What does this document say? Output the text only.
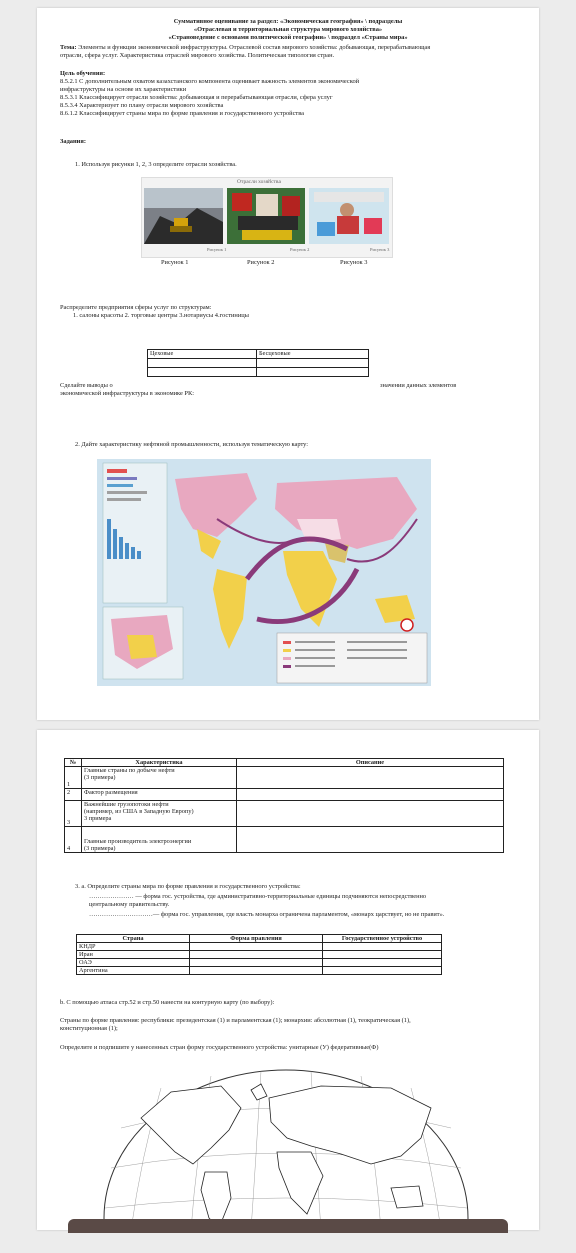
Суммативное оценивание за раздел: «Экономическая география» \ подразделы
«Отраслевая и территориальная структура мирового хозяйства»
«Страноведение с основами политической географии» \ подраздел «Страны мира»
Тема: Элементы и функции экономической инфраструктуры. Отраслевой состав мирового хозяйства: добывающая, перерабатывающая
отрасли, сфера услуг. Характеристика отраслей мирового хозяйства. Политическая типология стран.
Цель обучения:
8.5.2.1 С дополнительным охватом казахстанского компонента оценивает важность элементов экономической
инфраструктуры на основе их характеристики
8.5.3.1 Классифицирует отрасли хозяйства: добывающая и перерабатывающая отрасли, сфера услуг
8.5.3.4 Характеризует по плану отрасли мирового хозяйства
8.6.1.2 Классифицирует страны мира по форме правления и государственного устройства
Задания:
1. Используя рисунки 1, 2, 3 определите отрасли хозяйства.
Отрасли хозяйства
Рисунок 1	Рисунок 2	Рисунок 3
Рисунок 1	Рисунок 2	Рисунок 3
Распределите предприятия сферы услуг по структурам:
1. салоны красоты 2. торговые центры 3.нотариусы 4.гостиницы
Цеховые	Бесцеховые

Сделайте выводы о	значении данных элементов
экономической инфраструктуры в экономике РК:
2. Дайте характеристику нефтяной промышленности, используя тематическую карту:
№	Характеристика	Описание
1	Главные страны по добыче нефти
(3 примера)	
2	Фактор размещения	
3	Важнейшие грузопотоки нефти
(например, из США в Западную Европу)
3 примера	
4	Главные производитель электроэнергии
(3 примера)	
3. а. Определите страны мира по форме правления и государственного устройства:
………………… — форма гос. устройства, где административно-территориальные единицы подчиняются непосредственно
центральному правительству.
…………………………— форма гос. управления, где власть монарха ограничена парламентом, «монарх царствует, но не правит».
Страна	Форма правления	Государственное устройство
КНДР		
Иран		
ОАЭ		
Аргентина		
b. С помощью атласа стр.52 и стр.50 нанести на контурную карту (по выбору):
Страны по форме правления: республики: президентская (1) и парламентская (1); монархии: абсолютная (1), теократическая (1),
конституционная (1);
Определите и подпишите у нанесенных стран форму государственного устройства: унитарные (У) федеративные(Ф)
